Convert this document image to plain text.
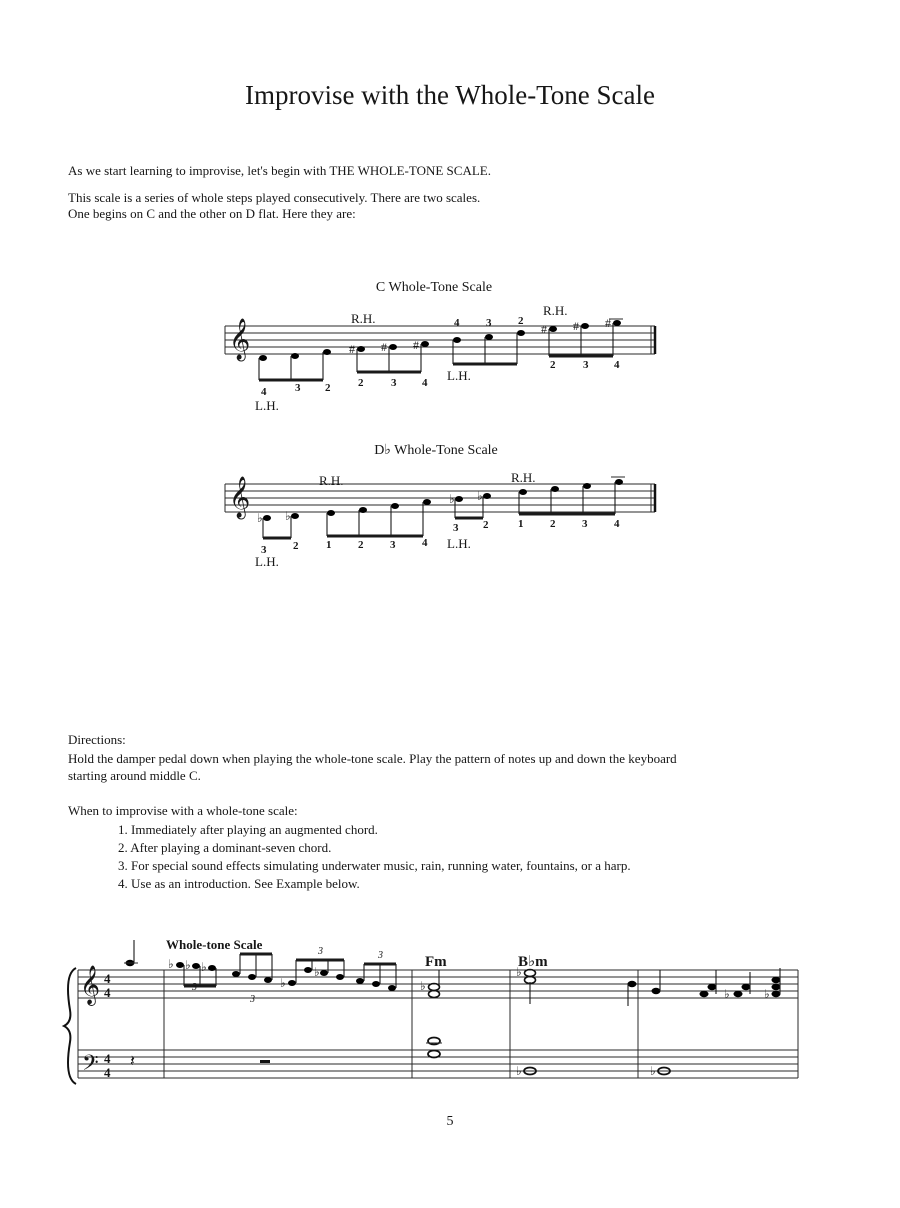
Improvise with the Whole-Tone Scale
As we start learning to improvise, let's begin with THE WHOLE-TONE SCALE.
This scale is a series of whole steps played consecutively. There are two scales.
One begins on C and the other on D flat. Here they are:
C Whole-Tone Scale
𝄞	# # #
# # #
4	3 2	2	3 4
4 3 2
2	3 4
L.H.
R.H.
L.H.
R.H.
D♭ Whole-Tone Scale
𝄞
♭ ♭
♭ ♭
3 2	1 2 3 4
3 2	1 2 3 4
L.H.
R.H.
L.H.
R.H.
Directions:
Hold the damper pedal down when playing the whole-tone scale. Play the pattern of notes up and down the keyboard
starting around middle C.
When to improvise with a whole-tone scale:
1. Immediately after playing an augmented chord.
2. After playing a dominant-seven chord.
3. For special sound effects simulating underwater music, rain, running water, fountains, or a harp.
4. Use as an introduction. See Example below.
Whole-tone Scale
Fm	B♭m
𝄞
𝄢
4
4
4
4
𝄽
♭ ♭ ♭
♭
♭
3
3
3	3
♭
♭
♭
♭	♭
♭
5
